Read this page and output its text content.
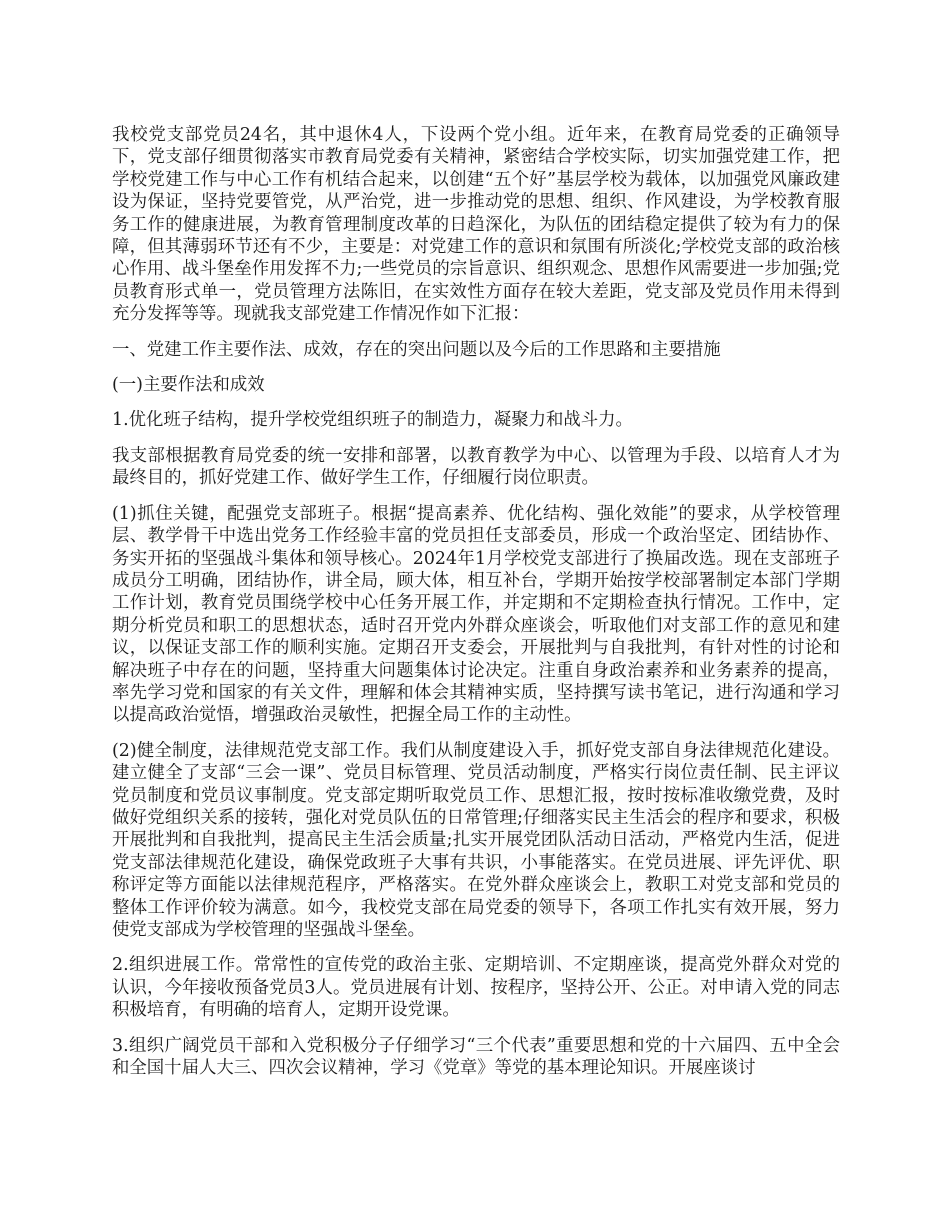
我校党支部党员24名，其中退休4人，下设两个党小组。近年来，在教育局党委的正确领导下，党支部仔细贯彻落实市教育局党委有关精神，紧密结合学校实际，切实加强党建工作，把学校党建工作与中心工作有机结合起来，以创建“五个好”基层学校为载体，以加强党风廉政建设为保证，坚持党要管党，从严治党，进一步推动党的思想、组织、作风建设，为学校教育服务工作的健康进展，为教育管理制度改革的日趋深化，为队伍的团结稳定提供了较为有力的保障，但其薄弱环节还有不少，主要是：对党建工作的意识和氛围有所淡化;学校党支部的政治核心作用、战斗堡垒作用发挥不力;一些党员的宗旨意识、组织观念、思想作风需要进一步加强;党员教育形式单一，党员管理方法陈旧，在实效性方面存在较大差距，党支部及党员作用未得到充分发挥等等。现就我支部党建工作情况作如下汇报：

一、党建工作主要作法、成效，存在的突出问题以及今后的工作思路和主要措施

(一)主要作法和成效

1.优化班子结构，提升学校党组织班子的制造力，凝聚力和战斗力。

我支部根据教育局党委的统一安排和部署，以教育教学为中心、以管理为手段、以培育人才为最终目的，抓好党建工作、做好学生工作，仔细履行岗位职责。

(1)抓住关键，配强党支部班子。根据“提高素养、优化结构、强化效能”的要求，从学校管理层、教学骨干中选出党务工作经验丰富的党员担任支部委员，形成一个政治坚定、团结协作、务实开拓的坚强战斗集体和领导核心。2024年1月学校党支部进行了换届改选。现在支部班子成员分工明确，团结协作，讲全局，顾大体，相互补台，学期开始按学校部署制定本部门学期工作计划，教育党员围绕学校中心任务开展工作，并定期和不定期检查执行情况。工作中，定期分析党员和职工的思想状态，适时召开党内外群众座谈会，听取他们对支部工作的意见和建议，以保证支部工作的顺利实施。定期召开支委会，开展批判与自我批判，有针对性的讨论和解决班子中存在的问题，坚持重大问题集体讨论决定。注重自身政治素养和业务素养的提高，率先学习党和国家的有关文件，理解和体会其精神实质，坚持撰写读书笔记，进行沟通和学习以提高政治觉悟，增强政治灵敏性，把握全局工作的主动性。

(2)健全制度，法律规范党支部工作。我们从制度建设入手，抓好党支部自身法律规范化建设。建立健全了支部“三会一课”、党员目标管理、党员活动制度，严格实行岗位责任制、民主评议党员制度和党员议事制度。党支部定期听取党员工作、思想汇报，按时按标准收缴党费，及时做好党组织关系的接转，强化对党员队伍的日常管理;仔细落实民主生活会的程序和要求，积极开展批判和自我批判，提高民主生活会质量;扎实开展党团队活动日活动，严格党内生活，促进党支部法律规范化建设，确保党政班子大事有共识，小事能落实。在党员进展、评先评优、职称评定等方面能以法律规范程序，严格落实。在党外群众座谈会上，教职工对党支部和党员的整体工作评价较为满意。如今，我校党支部在局党委的领导下，各项工作扎实有效开展，努力使党支部成为学校管理的坚强战斗堡垒。

2.组织进展工作。常常性的宣传党的政治主张、定期培训、不定期座谈，提高党外群众对党的认识，今年接收预备党员3人。党员进展有计划、按程序，坚持公开、公正。对申请入党的同志积极培育，有明确的培育人，定期开设党课。

3.组织广阔党员干部和入党积极分子仔细学习“三个代表”重要思想和党的十六届四、五中全会和全国十届人大三、四次会议精神，学习《党章》等党的基本理论知识。开展座谈讨
